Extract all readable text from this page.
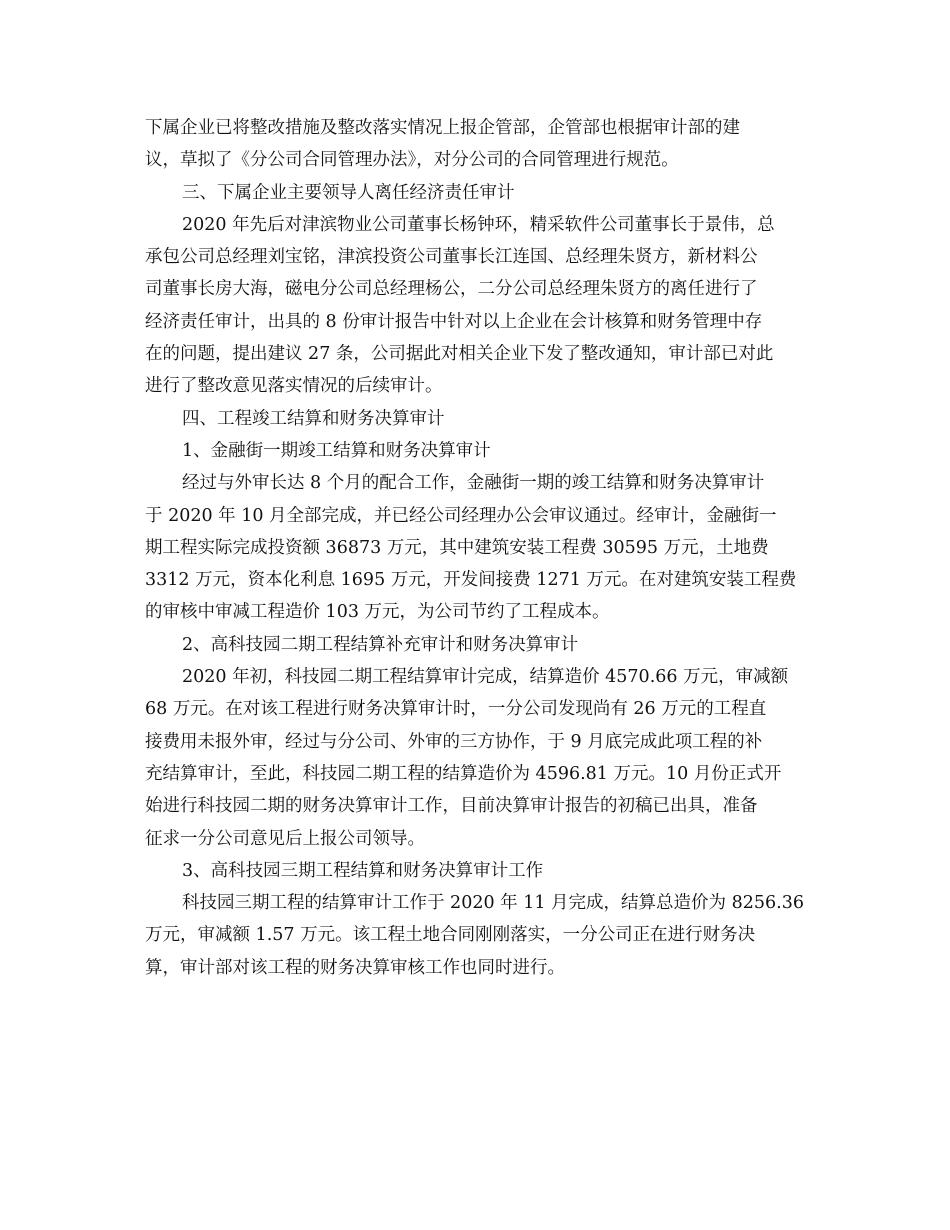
下属企业已将整改措施及整改落实情况上报企管部，企管部也根据审计部的建
议，草拟了《分公司合同管理办法》，对分公司的合同管理进行规范。
三、下属企业主要领导人离任经济责任审计
2020 年先后对津滨物业公司董事长杨钟环，精采软件公司董事长于景伟，总
承包公司总经理刘宝铭，津滨投资公司董事长江连国、总经理朱贤方，新材料公
司董事长房大海，磁电分公司总经理杨公，二分公司总经理朱贤方的离任进行了
经济责任审计，出具的 8 份审计报告中针对以上企业在会计核算和财务管理中存
在的问题，提出建议 27 条，公司据此对相关企业下发了整改通知，审计部已对此
进行了整改意见落实情况的后续审计。
四、工程竣工结算和财务决算审计
1、金融街一期竣工结算和财务决算审计
经过与外审长达 8 个月的配合工作，金融街一期的竣工结算和财务决算审计
于 2020 年 10 月全部完成，并已经公司经理办公会审议通过。经审计，金融街一
期工程实际完成投资额 36873 万元，其中建筑安装工程费 30595 万元，土地费
3312 万元，资本化利息 1695 万元，开发间接费 1271 万元。在对建筑安装工程费
的审核中审减工程造价 103 万元，为公司节约了工程成本。
2、高科技园二期工程结算补充审计和财务决算审计
2020 年初，科技园二期工程结算审计完成，结算造价 4570.66 万元，审减额
68 万元。在对该工程进行财务决算审计时，一分公司发现尚有 26 万元的工程直
接费用未报外审，经过与分公司、外审的三方协作，于 9 月底完成此项工程的补
充结算审计，至此，科技园二期工程的结算造价为 4596.81 万元。10 月份正式开
始进行科技园二期的财务决算审计工作，目前决算审计报告的初稿已出具，准备
征求一分公司意见后上报公司领导。
3、高科技园三期工程结算和财务决算审计工作
科技园三期工程的结算审计工作于 2020 年 11 月完成，结算总造价为 8256.36
万元，审减额 1.57 万元。该工程土地合同刚刚落实，一分公司正在进行财务决
算，审计部对该工程的财务决算审核工作也同时进行。
